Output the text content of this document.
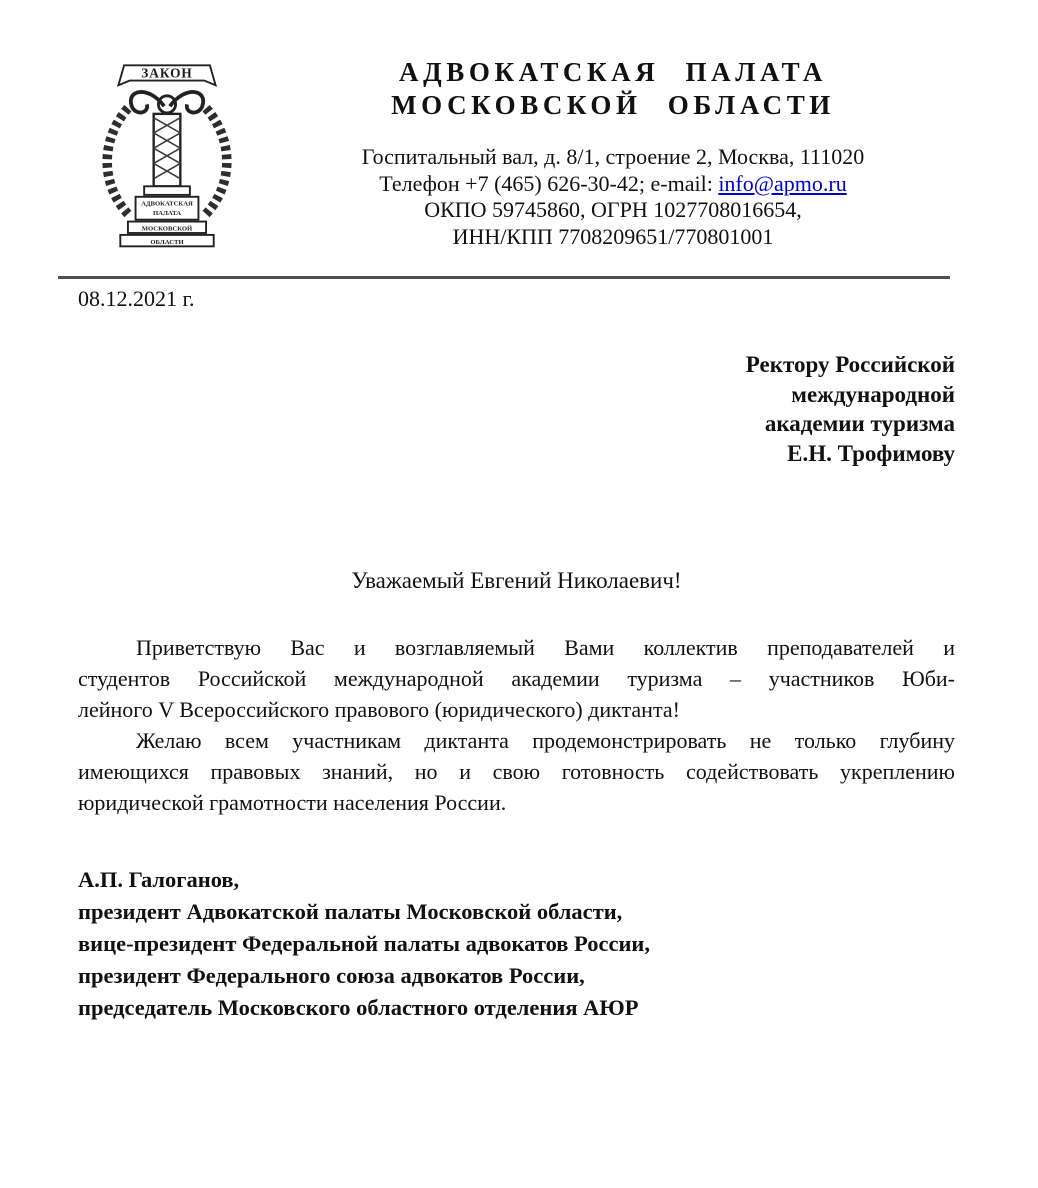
ЗАКОН
АДВОКАТСКАЯ
ПАЛАТА
МОСКОВСКОЙ
ОБЛАСТИ
АДВОКАТСКАЯ ПАЛАТА
МОСКОВСКОЙ ОБЛАСТИ
Госпитальный вал, д. 8/1, строение 2, Москва, 111020
Телефон +7 (465) 626-30-42; e-mail: info@apmo.ru
ОКПО 59745860, ОГРН 1027708016654,
ИНН/КПП 7708209651/770801001
08.12.2021 г.
Ректору Российской
международной
академии туризма
Е.Н. Трофимову
Уважаемый Евгений Николаевич!
Приветствую Вас и возглавляемый Вами коллектив преподавателей и
студентов Российской международной академии туризма – участников Юби-
лейного V Всероссийского правового (юридического) диктанта!
Желаю всем участникам диктанта продемонстрировать не только глубину
имеющихся правовых знаний, но и свою готовность содействовать укреплению
юридической грамотности населения России.
А.П. Галоганов,
президент Адвокатской палаты Московской области,
вице-президент Федеральной палаты адвокатов России,
президент Федерального союза адвокатов России,
председатель Московского областного отделения АЮР
